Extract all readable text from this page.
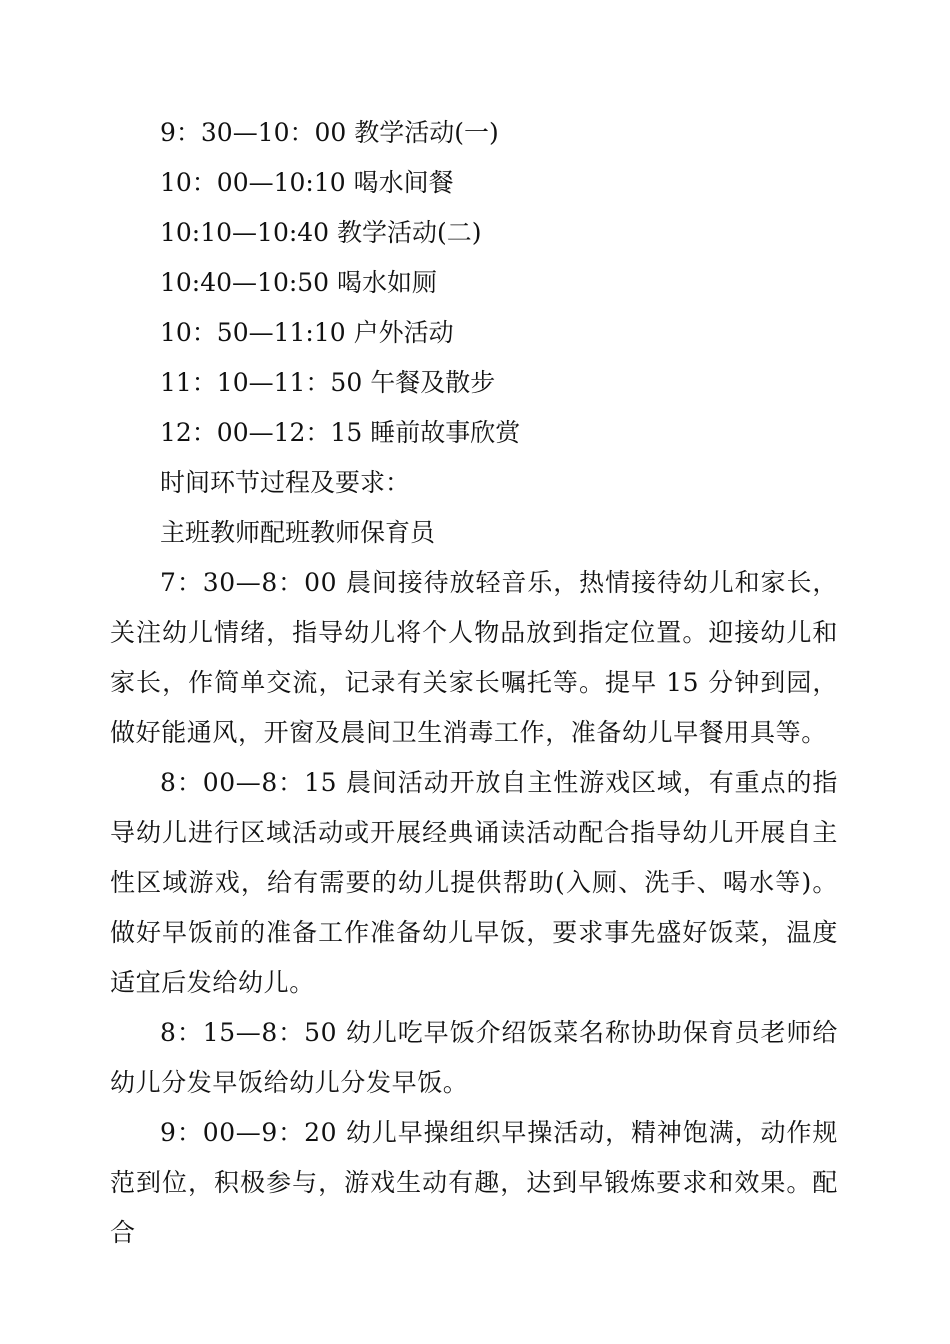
9：30—10：00 教学活动(一)

10：00—10:10 喝水间餐

10:10—10:40 教学活动(二)

10:40—10:50 喝水如厕

10：50—11:10 户外活动

11：10—11：50 午餐及散步

12：00—12：15 睡前故事欣赏

时间环节过程及要求：

主班教师配班教师保育员

7：30—8：00 晨间接待放轻音乐，热情接待幼儿和家长，关注幼儿情绪，指导幼儿将个人物品放到指定位置。迎接幼儿和家长，作简单交流，记录有关家长嘱托等。提早 15 分钟到园，做好能通风，开窗及晨间卫生消毒工作，准备幼儿早餐用具等。

8：00—8：15 晨间活动开放自主性游戏区域，有重点的指导幼儿进行区域活动或开展经典诵读活动配合指导幼儿开展自主性区域游戏，给有需要的幼儿提供帮助(入厕、洗手、喝水等)。做好早饭前的准备工作准备幼儿早饭，要求事先盛好饭菜，温度适宜后发给幼儿。

8：15—8：50 幼儿吃早饭介绍饭菜名称协助保育员老师给幼儿分发早饭给幼儿分发早饭。

9：00—9：20 幼儿早操组织早操活动，精神饱满，动作规范到位，积极参与，游戏生动有趣，达到早锻炼要求和效果。配合
